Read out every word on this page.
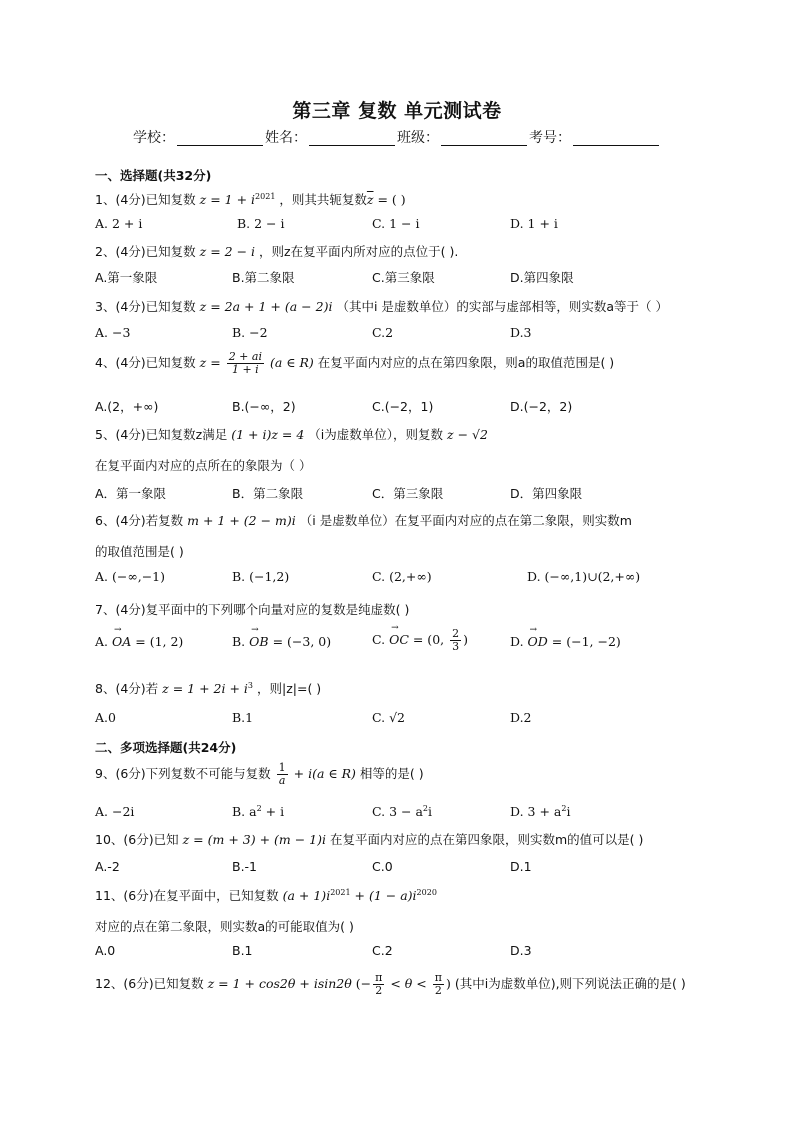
第三章 复数 单元测试卷
学校：	姓名：	班级：	考号：
一、选择题(共32分)
1、(4分)已知复数 $z = 1 + i^{2021}$ ，则其共轭复数$\overline{z}$ = ( )
A. 2 + i	B. 2 − i	C. 1 − i	D. 1 + i
2、(4分)已知复数 z = 2 − i ，则z在复平面内所对应的点位于( ).
A.第一象限	B.第二象限	C.第三象限	D.第四象限
3、(4分)已知复数 z = 2a + 1 + (a − 2)i （其中i 是虚数单位）的实部与虚部相等，则实数a等于（ ）
A. −3	B. −2	C.2	D.3
4、(4分)已知复数 $z = \frac{2 + ai}{1 + i} (a$ ∈ R) 在复平面内对应的点在第四象限，则a的取值范围是( )
A.(2，+∞)	B.(−∞，2)	C.(−2，1)	D.(−2，2)
5、(4分)已知复数z满足 (1 + i)z = 4 （i为虚数单位），则复数 z − √2
在复平面内对应的点所在的象限为（ ）
A．第一象限	B．第二象限	C．第三象限	D．第四象限
6、(4分)若复数 m + 1 + (2 − m)i （i 是虚数单位）在复平面内对应的点在第二象限，则实数m
的取值范围是( )
A. (−∞,−1)	B. (−1,2)	C. (2,+∞)	D. (−∞,1)∪(2,+∞)
7、(4分)复平面中的下列哪个向量对应的复数是纯虚数( )
A. → OA = (1, 2)	B. → OB = (−3, 0)	C. → OC = (0, $\frac{2}{3}$ )	D. → OD = (−1, −2)
8、(4分)若 $z = 1 + 2i + i^3$ ，则|z|=( )
A.0	B.1	C. √2	D.2
二、多项选择题(共24分)
9、(6分)下列复数不可能与复数 $\frac{1}{a} + i(a$ ∈ R) 相等的是( )
A. −2i	B. $a^2 + i$	C. $3 - a^2i$	D. $3 + a^2i$
10、(6分)已知 z = (m + 3) + (m − 1)i 在复平面内对应的点在第四象限，则实数m的值可以是( )
A.-2	B.-1	C.0	D.1
11、(6分)在复平面中，已知复数 $(a + 1)i^{2021} + (1 - a)i^{2020}$
对应的点在第二象限，则实数a的可能取值为( )
A.0	B.1	C.2	D.3
12、(6分)已知复数 z = 1 + cos2θ + isin2θ (− $\frac{\pi}{2} < \theta < \frac{\pi}{2}$ ) (其中i为虚数单位),则下列说法正确的是( )
